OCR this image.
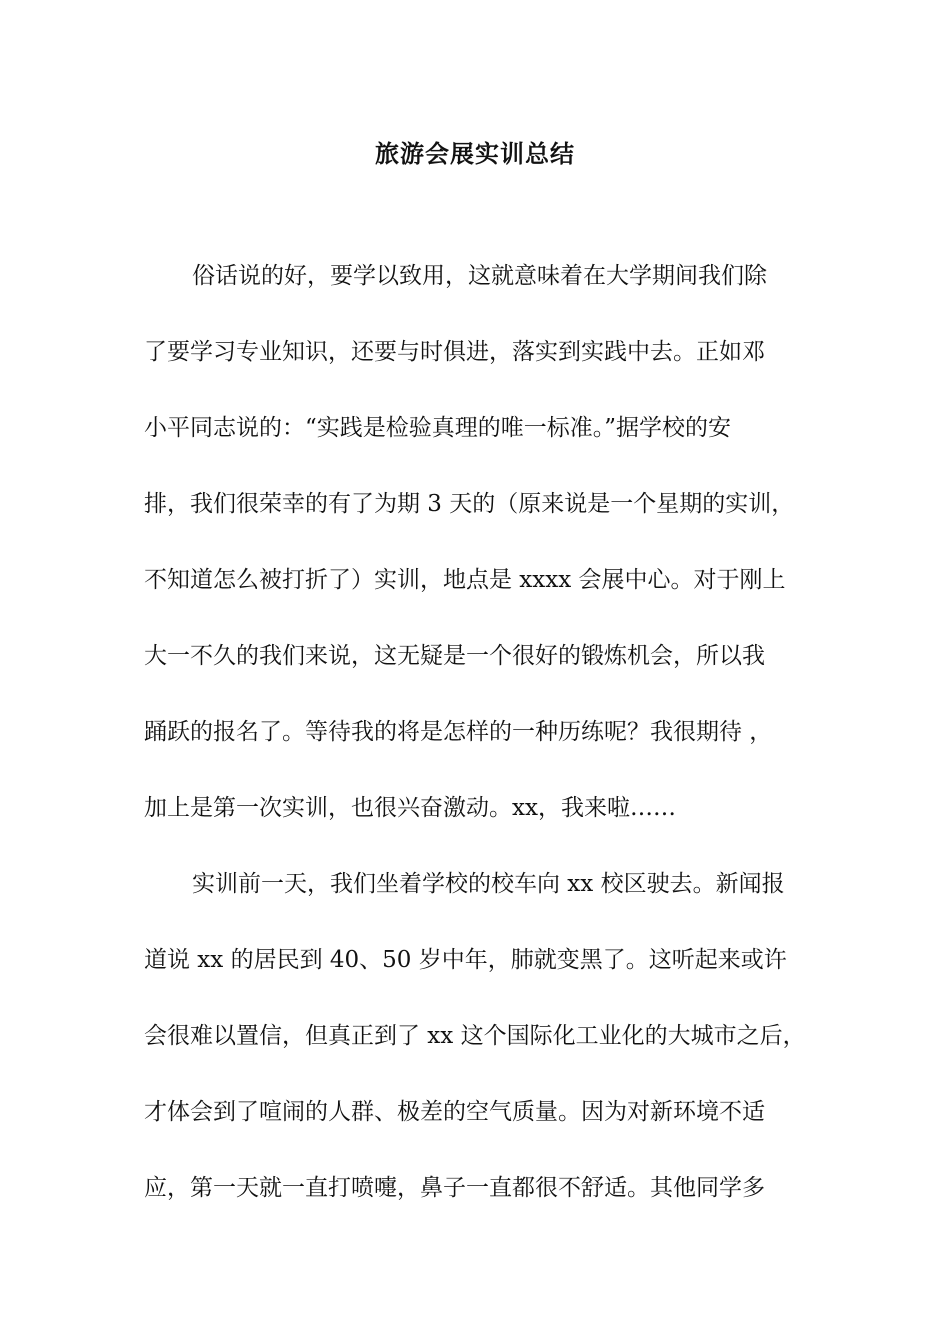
旅游会展实训总结

俗话说的好，要学以致用，这就意味着在大学期间我们除

了要学习专业知识，还要与时俱进，落实到实践中去。正如邓

小平同志说的：“实践是检验真理的唯一标准。”据学校的安

排，我们很荣幸的有了为期 3 天的（原来说是一个星期的实训，

不知道怎么被打折了）实训，地点是 xxxx 会展中心。对于刚上

大一不久的我们来说，这无疑是一个很好的锻炼机会，所以我

踊跃的报名了。等待我的将是怎样的一种历练呢？我很期待 ，

加上是第一次实训，也很兴奋激动。xx，我来啦……

实训前一天，我们坐着学校的校车向 xx 校区驶去。新闻报

道说 xx 的居民到 40、50 岁中年，肺就变黑了。这听起来或许

会很难以置信，但真正到了 xx 这个国际化工业化的大城市之后，

才体会到了喧闹的人群、极差的空气质量。因为对新环境不适

应，第一天就一直打喷嚏，鼻子一直都很不舒适。其他同学多
